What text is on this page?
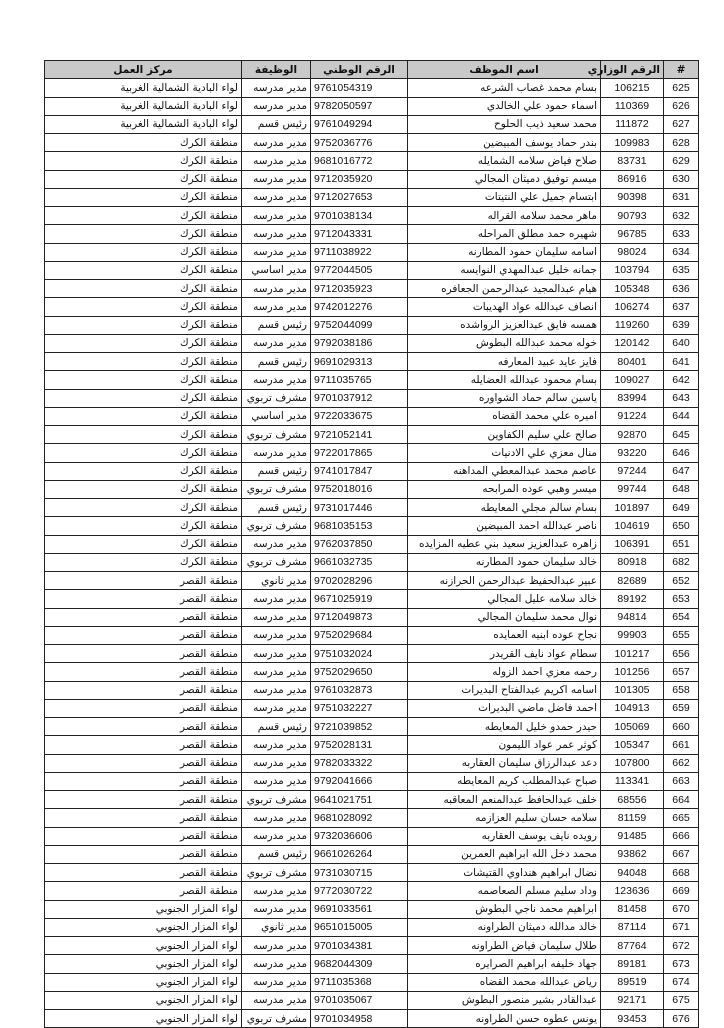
#	الرقم الوزاري	اسم الموظف	الرقم الوطني	الوظيفة	مركز العمل
625	106215	بسام محمد غصاب الشرعه	9761054319	مدير مدرسه	لواء البادية الشمالية الغربية
626	110369	اسماء حمود علي الخالدي	9782050597	مدير مدرسه	لواء البادية الشمالية الغربية
627	111872	محمد سعيد ذيب الحلوح	9761049294	رئيس قسم	لواء البادية الشمالية الغربية
628	109983	بندر حماد يوسف المبيضين	9752036776	مدير مدرسه	منطقة الكرك
629	83731	صلاح فياض سلامه الشمايله	9681016772	مدير مدرسه	منطقة الكرك
630	86916	ميسم توفيق دميثان المجالي	9712035920	مدير مدرسه	منطقة الكرك
631	90398	ابتسام جميل علي النتيتات	9712027653	مدير مدرسه	منطقة الكرك
632	90793	ماهر محمد سلامه القراله	9701038134	مدير مدرسه	منطقة الكرك
633	96785	شهيره حمد مطلق المراحله	9712043331	مدير مدرسه	منطقة الكرك
634	98024	اسامه سليمان حمود المطارنه	9711038922	مدير مدرسه	منطقة الكرك
635	103794	جمانه خليل عبدالمهدي النوايسه	9772044505	مدير اساسي	منطقة الكرك
636	105348	هيام عبدالمجيد عبدالرحمن الجعافره	9712035923	مدير مدرسه	منطقة الكرك
637	106274	انصاف عبدالله عواد الهديبات	9742012276	مدير مدرسه	منطقة الكرك
639	119260	همسه فايق عبدالعزيز الرواشده	9752044099	رئيس قسم	منطقة الكرك
640	120142	خوله محمد عبدالله البطوش	9792038186	مدير مدرسه	منطقة الكرك
641	80401	فايز عايد عبيد المعارفه	9691029313	رئيس قسم	منطقة الكرك
642	109027	بسام محمود عبدالله العضايله	9711035765	مدير مدرسه	منطقة الكرك
643	83994	ياسين سالم حماد الشواوره	9701037912	مشرف تربوي	منطقة الكرك
644	91224	اميره علي محمد القضاه	9722033675	مدير اساسي	منطقة الكرك
645	92870	صالح علي سليم الكفاوين	9721052141	مشرف تربوي	منطقة الكرك
646	93220	منال معزي علي الادنيات	9722017865	مدير مدرسه	منطقة الكرك
647	97244	عاصم محمد عبدالمعطي المداهنه	9741017847	رئيس قسم	منطقة الكرك
648	99744	ميسر وهبي عوده المرابحه	9752018016	مشرف تربوي	منطقة الكرك
649	101897	بسام سالم مجلي المعايطه	9731017446	رئيس قسم	منطقة الكرك
650	104619	ناصر عبدالله احمد المبيضين	9681035153	مشرف تربوي	منطقة الكرك
651	106391	زاهره عبدالعزيز سعيد بني عطيه المزايده	9762037850	مدير مدرسه	منطقة الكرك
682	80918	خالد سليمان حمود المطارنه	9661032735	مشرف تربوي	منطقة الكرك
652	82689	عبير عبدالحفيظ عبدالرحمن الحرازنه	9702028296	مدير ثانوي	منطقة القصر
653	89192	خالد سلامه عليل المجالي	9671025919	مدير مدرسه	منطقة القصر
654	94814	نوال محمد سليمان المجالي	9712049873	مدير مدرسه	منطقة القصر
655	99903	نجاح عوده ابنيه العمايده	9752029684	مدير مدرسه	منطقة القصر
656	101217	سطام عواد نايف القريدر	9751032024	مدير مدرسه	منطقة القصر
657	101256	رحمه معزي احمد الزوله	9752029650	مدير مدرسه	منطقة القصر
658	101305	اسامه اكريم عبدالفتاح البديرات	9761032873	مدير مدرسه	منطقة القصر
659	104913	احمد فاضل ماضي البديرات	9751032227	مدير مدرسه	منطقة القصر
660	105069	حيدر حمدو خليل المعايطه	9721039852	رئيس قسم	منطقة القصر
661	105347	كوثر عمر عواد الليمون	9752028131	مدير مدرسه	منطقة القصر
662	107800	دعد عبدالرزاق سليمان العقاربه	9782033322	مدير مدرسه	منطقة القصر
663	113341	صباح عبدالمطلب كريم المعايطه	9792041666	مدير مدرسه	منطقة القصر
664	68556	خلف عبدالحافظ عبدالمنعم المعاقبه	9641021751	مشرف تربوي	منطقة القصر
665	81159	سلامه حسان سليم العزازمه	9681028092	مدير مدرسه	منطقة القصر
666	91485	رويده نايف يوسف العقاربه	9732036606	مدير مدرسه	منطقة القصر
667	93862	محمد دخل الله ابراهيم العمرين	9661026264	رئيس قسم	منطقة القصر
668	94048	نضال ابراهيم هنداوي القتيشات	9731030715	مشرف تربوي	منطقة القصر
669	123636	وداد سليم مسلم الصعاصمه	9772030722	مدير مدرسه	منطقة القصر
670	81458	ابراهيم محمد ناجي البطوش	9691033561	مدير مدرسه	لواء المزار الجنوبي
671	87114	خالد مدالله دميثان الطراونه	9651015005	مدير ثانوي	لواء المزار الجنوبي
672	87764	طلال سليمان فياض الطراونه	9701034381	مدير مدرسه	لواء المزار الجنوبي
673	89181	جهاد خليفه ابراهيم الصرايره	9682044309	مدير مدرسه	لواء المزار الجنوبي
674	89519	رياض عبدالله محمد القضاه	9711035368	مدير مدرسه	لواء المزار الجنوبي
675	92171	عبدالقادر بشير منصور البطوش	9701035067	مدير مدرسه	لواء المزار الجنوبي
676	93453	يونس عطوه حسن الطراونه	9701034958	مشرف تربوي	لواء المزار الجنوبي
